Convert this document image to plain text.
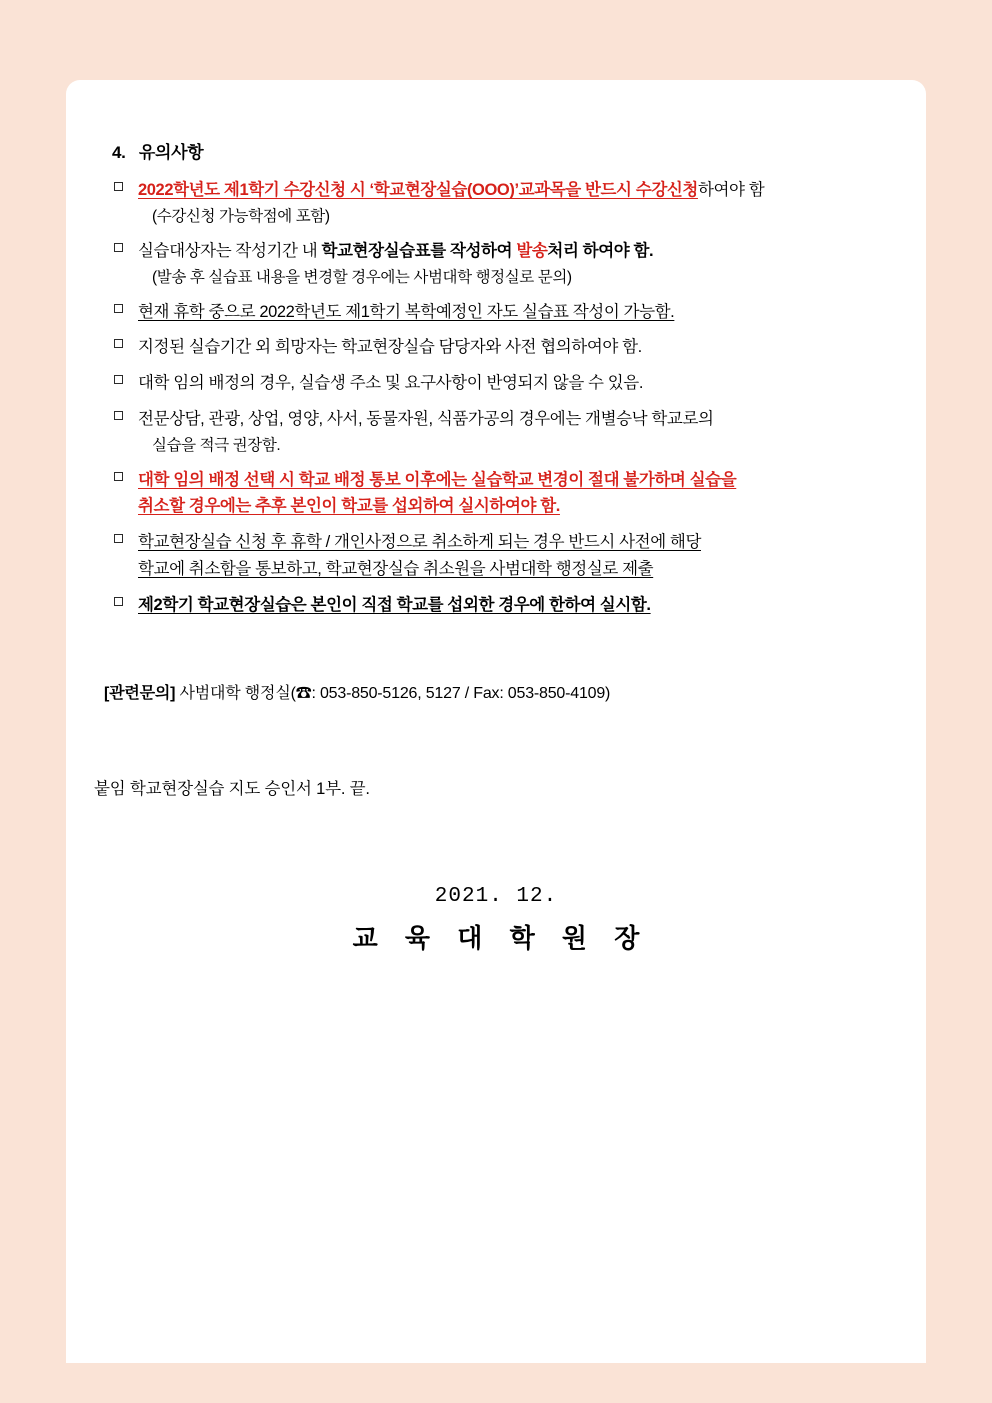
4. 유의사항
2022학년도 제1학기 수강신청 시 ‘학교현장실습(OOO)’교과목을 반드시 수강신청하여야 함
(수강신청 가능학점에 포함)
실습대상자는 작성기간 내 학교현장실습표를 작성하여 발송처리 하여야 함.
(발송 후 실습표 내용을 변경할 경우에는 사범대학 행정실로 문의)
현재 휴학 중으로 2022학년도 제1학기 복학예정인 자도 실습표 작성이 가능함.
지정된 실습기간 외 희망자는 학교현장실습 담당자와 사전 협의하여야 함.
대학 임의 배정의 경우, 실습생 주소 및 요구사항이 반영되지 않을 수 있음.
전문상담, 관광, 상업, 영양, 사서, 동물자원, 식품가공의 경우에는 개별승낙 학교로의
실습을 적극 권장함.
대학 임의 배정 선택 시 학교 배정 통보 이후에는 실습학교 변경이 절대 불가하며 실습을
취소할 경우에는 추후 본인이 학교를 섭외하여 실시하여야 함.
학교현장실습 신청 후 휴학 / 개인사정으로 취소하게 되는 경우 반드시 사전에 해당
학교에 취소함을 통보하고, 학교현장실습 취소원을 사범대학 행정실로 제출
제2학기 학교현장실습은 본인이 직접 학교를 섭외한 경우에 한하여 실시함.
[관련문의] 사범대학 행정실(☎: 053-850-5126, 5127 / Fax: 053-850-4109)
붙임 학교현장실습 지도 승인서 1부. 끝.
2021. 12.
교 육 대 학 원 장
